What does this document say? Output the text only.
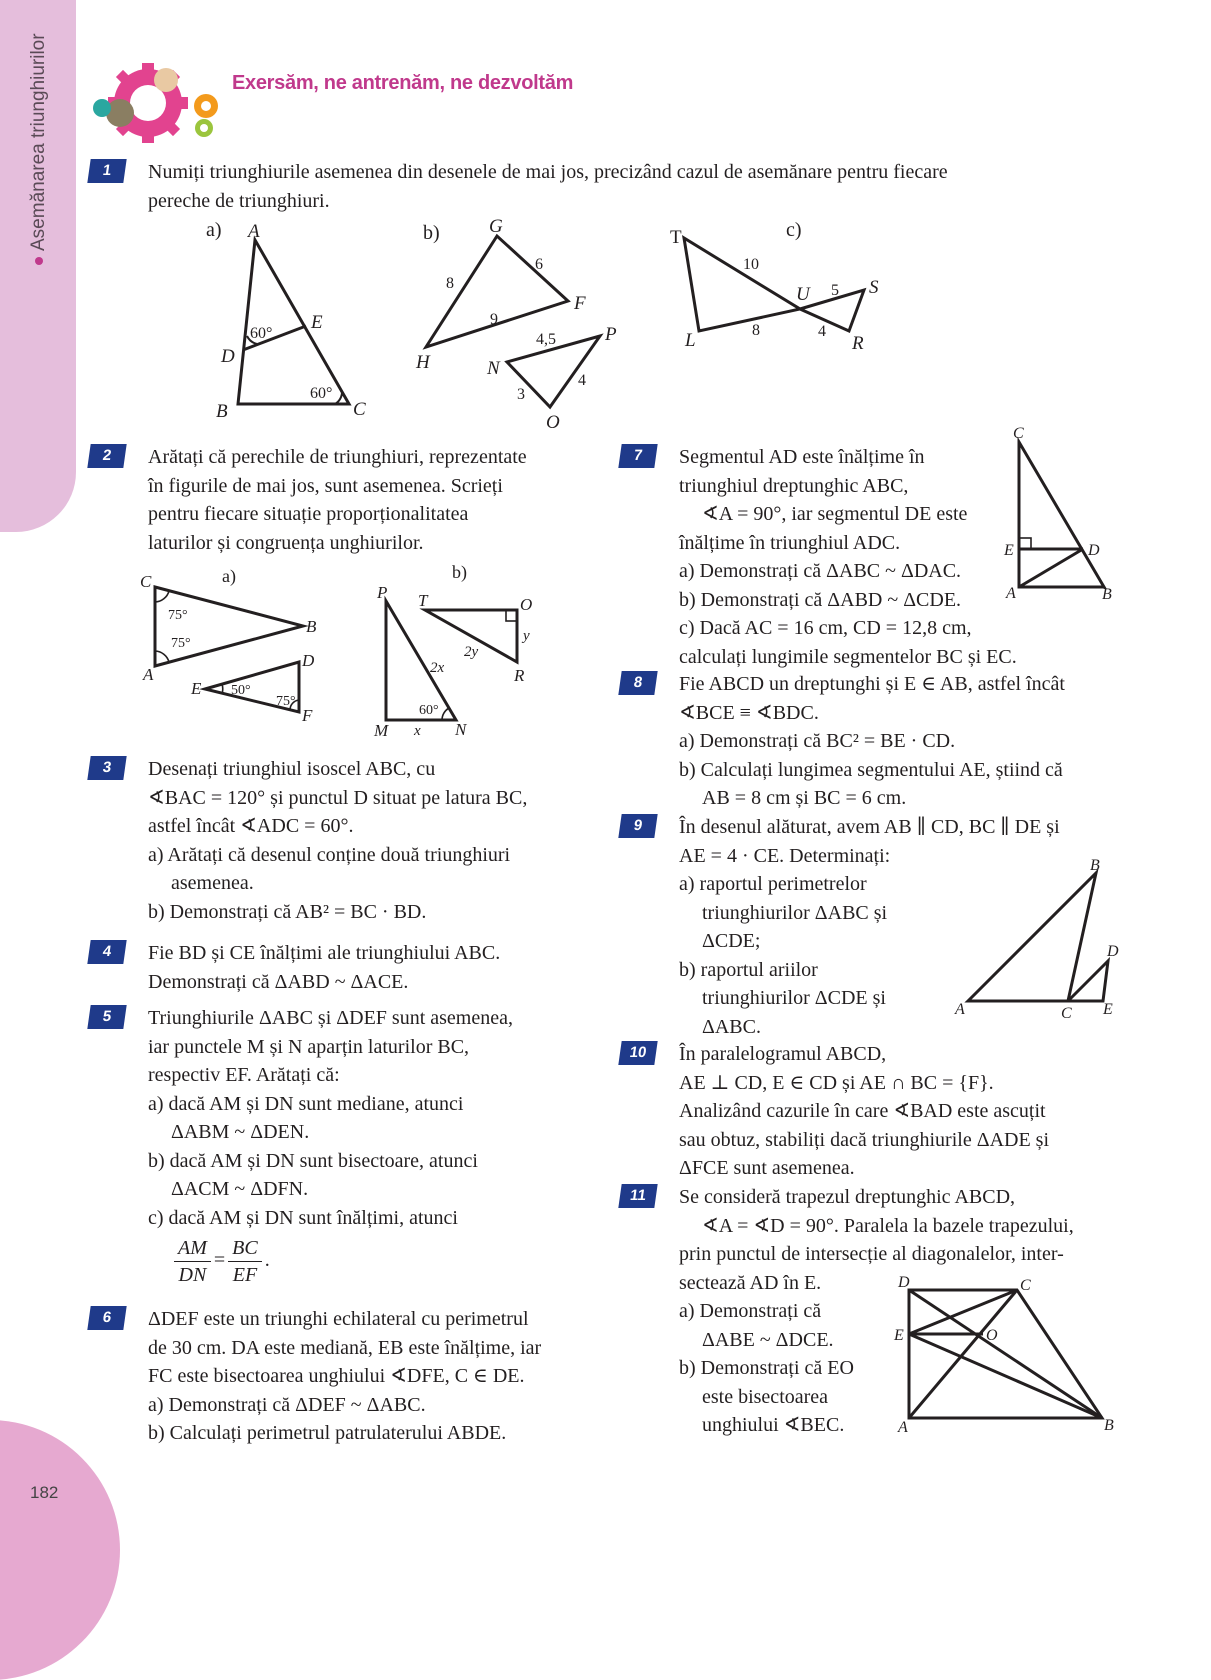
Asemănarea triunghiurilor
182
Exersăm, ne antrenăm, ne dezvoltăm
1	Numiți triunghiurile asemenea din desenele de mai jos, precizând cazul de asemănare pentru fiecare
pereche de triunghiuri.
a) A
E
D
B	C
60°
60°
b)	G
F
H
P
N
O
8
6
9
4,5
3
4
c)
T
U	S
L	R
10
5
8	4
2	Arătați că perechile de triunghiuri, reprezentate
în figurile de mai jos, sunt asemenea. Scrieți
pentru fiecare situație proporționalitatea
laturilor și congruența unghiurilor.
a)
C
B
A
D
E
F
75°
75°
50°
75°
b)
P T	O
R
M	N
2x
2y
y
x
60°
3	Desenați triunghiul isoscel ABC, cu
∢BAC = 120° și punctul D situat pe latura BC,
astfel încât ∢ADC = 60°.
a) Arătați că desenul conține două triunghiuri
asemenea.
b) Demonstrați că AB² = BC · BD.
4	Fie BD și CE înălțimi ale triunghiului ABC.
Demonstrați că ΔABD ~ ΔACE.
5	Triunghiurile ΔABC și ΔDEF sunt asemenea,
iar punctele M și N aparțin laturilor BC,
respectiv EF. Arătați că:
a) dacă AM și DN sunt mediane, atunci
ΔABM ~ ΔDEN.
b) dacă AM și DN sunt bisectoare, atunci
ΔACM ~ ΔDFN.
c) dacă AM și DN sunt înălțimi, atunci
$\frac{AM}{DN} = \frac{BC}{EF}$ .
6	ΔDEF este un triunghi echilateral cu perimetrul
de 30 cm. DA este mediană, EB este înălțime, iar
FC este bisectoarea unghiului ∢DFE, C ∈ DE.
a) Demonstrați că ΔDEF ~ ΔABC.
b) Calculați perimetrul patrulaterului ABDE.
7	Segmentul AD este înălțime în
triunghiul dreptunghic ABC,
∢A = 90°, iar segmentul DE este
înălțime în triunghiul ADC.
a) Demonstrați că ΔABC ~ ΔDAC.
b) Demonstrați că ΔABD ~ ΔCDE.
c) Dacă AC = 16 cm, CD = 12,8 cm,
calculați lungimile segmentelor BC și EC.
C
E	D
A	B
8	Fie ABCD un dreptunghi și E ∈ AB, astfel încât
∢BCE ≡ ∢BDC.
a) Demonstrați că BC² = BE · CD.
b) Calculați lungimea segmentului AE, știind că
AB = 8 cm și BC = 6 cm.
9	În desenul alăturat, avem AB ∥ CD, BC ∥ DE și
AE = 4 · CE. Determinați:
a) raportul perimetrelor
triunghiurilor ΔABC și
ΔCDE;
b) raportul ariilor
triunghiurilor ΔCDE și
ΔABC.
B
D
A	C E
10	În paralelogramul ABCD,
AE ⊥ CD, E ∈ CD și AE ∩ BC = {F}.
Analizând cazurile în care ∢BAD este ascuțit
sau obtuz, stabiliți dacă triunghiurile ΔADE și
ΔFCE sunt asemenea.
11	Se consideră trapezul dreptunghic ABCD,
∢A = ∢D = 90°. Paralela la bazele trapezului,
prin punctul de intersecție al diagonalelor, inter-
sectează AD în E.
a) Demonstrați că
ΔABE ~ ΔDCE.
b) Demonstrați că EO
este bisectoarea
unghiului ∢BEC.
D	C
E	O
A	B
